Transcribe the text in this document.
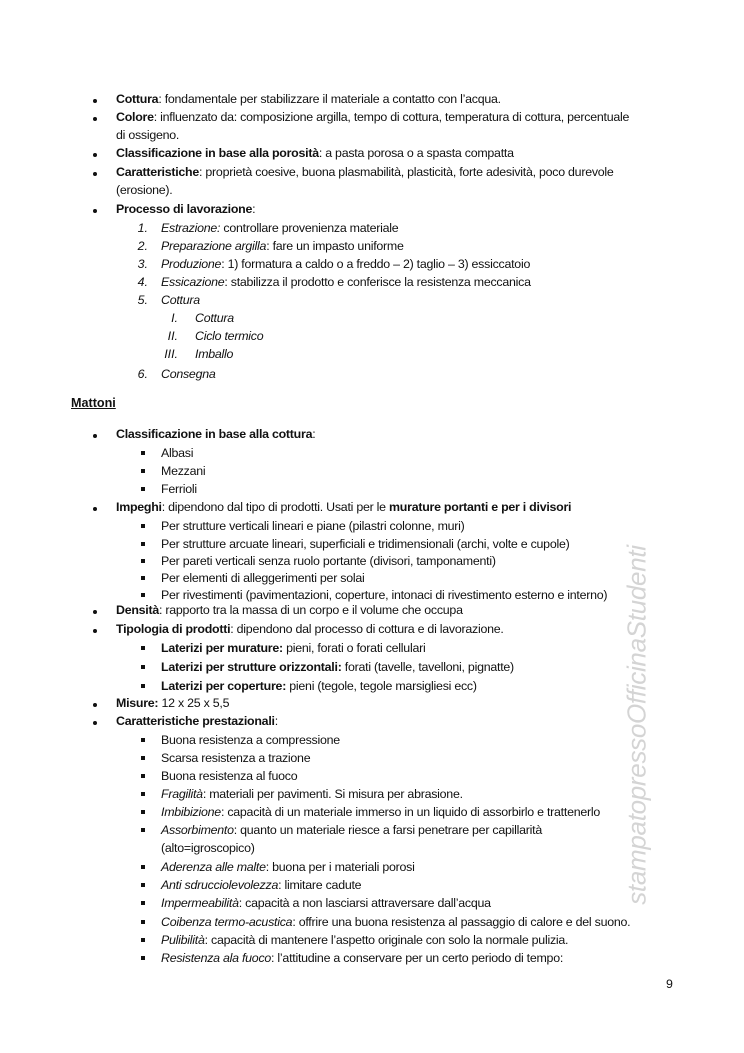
Cottura: fondamentale per stabilizzare il materiale a contatto con l’acqua.
Colore: influenzato da: composizione argilla, tempo di cottura, temperatura di cottura, percentuale
di ossigeno.
Classificazione in base alla porosità: a pasta porosa o a spasta compatta
Caratteristiche: proprietà coesive, buona plasmabilità, plasticità, forte adesività, poco durevole
(erosione).
Processo di lavorazione:
1. Estrazione: controllare provenienza materiale
2. Preparazione argilla: fare un impasto uniforme
3. Produzione: 1) formatura a caldo o a freddo – 2) taglio – 3) essiccatoio
4. Essicazione: stabilizza il prodotto e conferisce la resistenza meccanica
5. Cottura
I. Cottura
II. Ciclo termico
III. Imballo
6. Consegna
Mattoni
Classificazione in base alla cottura:
Albasi
Mezzani
Ferrioli
Impeghi: dipendono dal tipo di prodotti. Usati per le murature portanti e per i divisori
Per strutture verticali lineari e piane (pilastri colonne, muri)
Per strutture arcuate lineari, superficiali e tridimensionali (archi, volte e cupole)
Per pareti verticali senza ruolo portante (divisori, tamponamenti)
Per elementi di alleggerimenti per solai
Per rivestimenti (pavimentazioni, coperture, intonaci di rivestimento esterno e interno)
Densità: rapporto tra la massa di un corpo e il volume che occupa
Tipologia di prodotti: dipendono dal processo di cottura e di lavorazione.
Laterizi per murature: pieni, forati o forati cellulari
Laterizi per strutture orizzontali: forati (tavelle, tavelloni, pignatte)
Laterizi per coperture: pieni (tegole, tegole marsigliesi ecc)
Misure: 12 x 25 x 5,5
Caratteristiche prestazionali:
Buona resistenza a compressione
Scarsa resistenza a trazione
Buona resistenza al fuoco
Fragilità: materiali per pavimenti. Si misura per abrasione.
Imbibizione: capacità di un materiale immerso in un liquido di assorbirlo e trattenerlo
Assorbimento: quanto un materiale riesce a farsi penetrare per capillarità
(alto=igroscopico)
Aderenza alle malte: buona per i materiali porosi
Anti sdrucciolevolezza: limitare cadute
Impermeabilità: capacità a non lasciarsi attraversare dall’acqua
Coibenza termo-acustica: offrire una buona resistenza al passaggio di calore e del suono.
Pulibilità: capacità di mantenere l’aspetto originale con solo la normale pulizia.
Resistenza ala fuoco: l’attitudine a conservare per un certo periodo di tempo:
stampatopressoOfficinaStudenti
9
